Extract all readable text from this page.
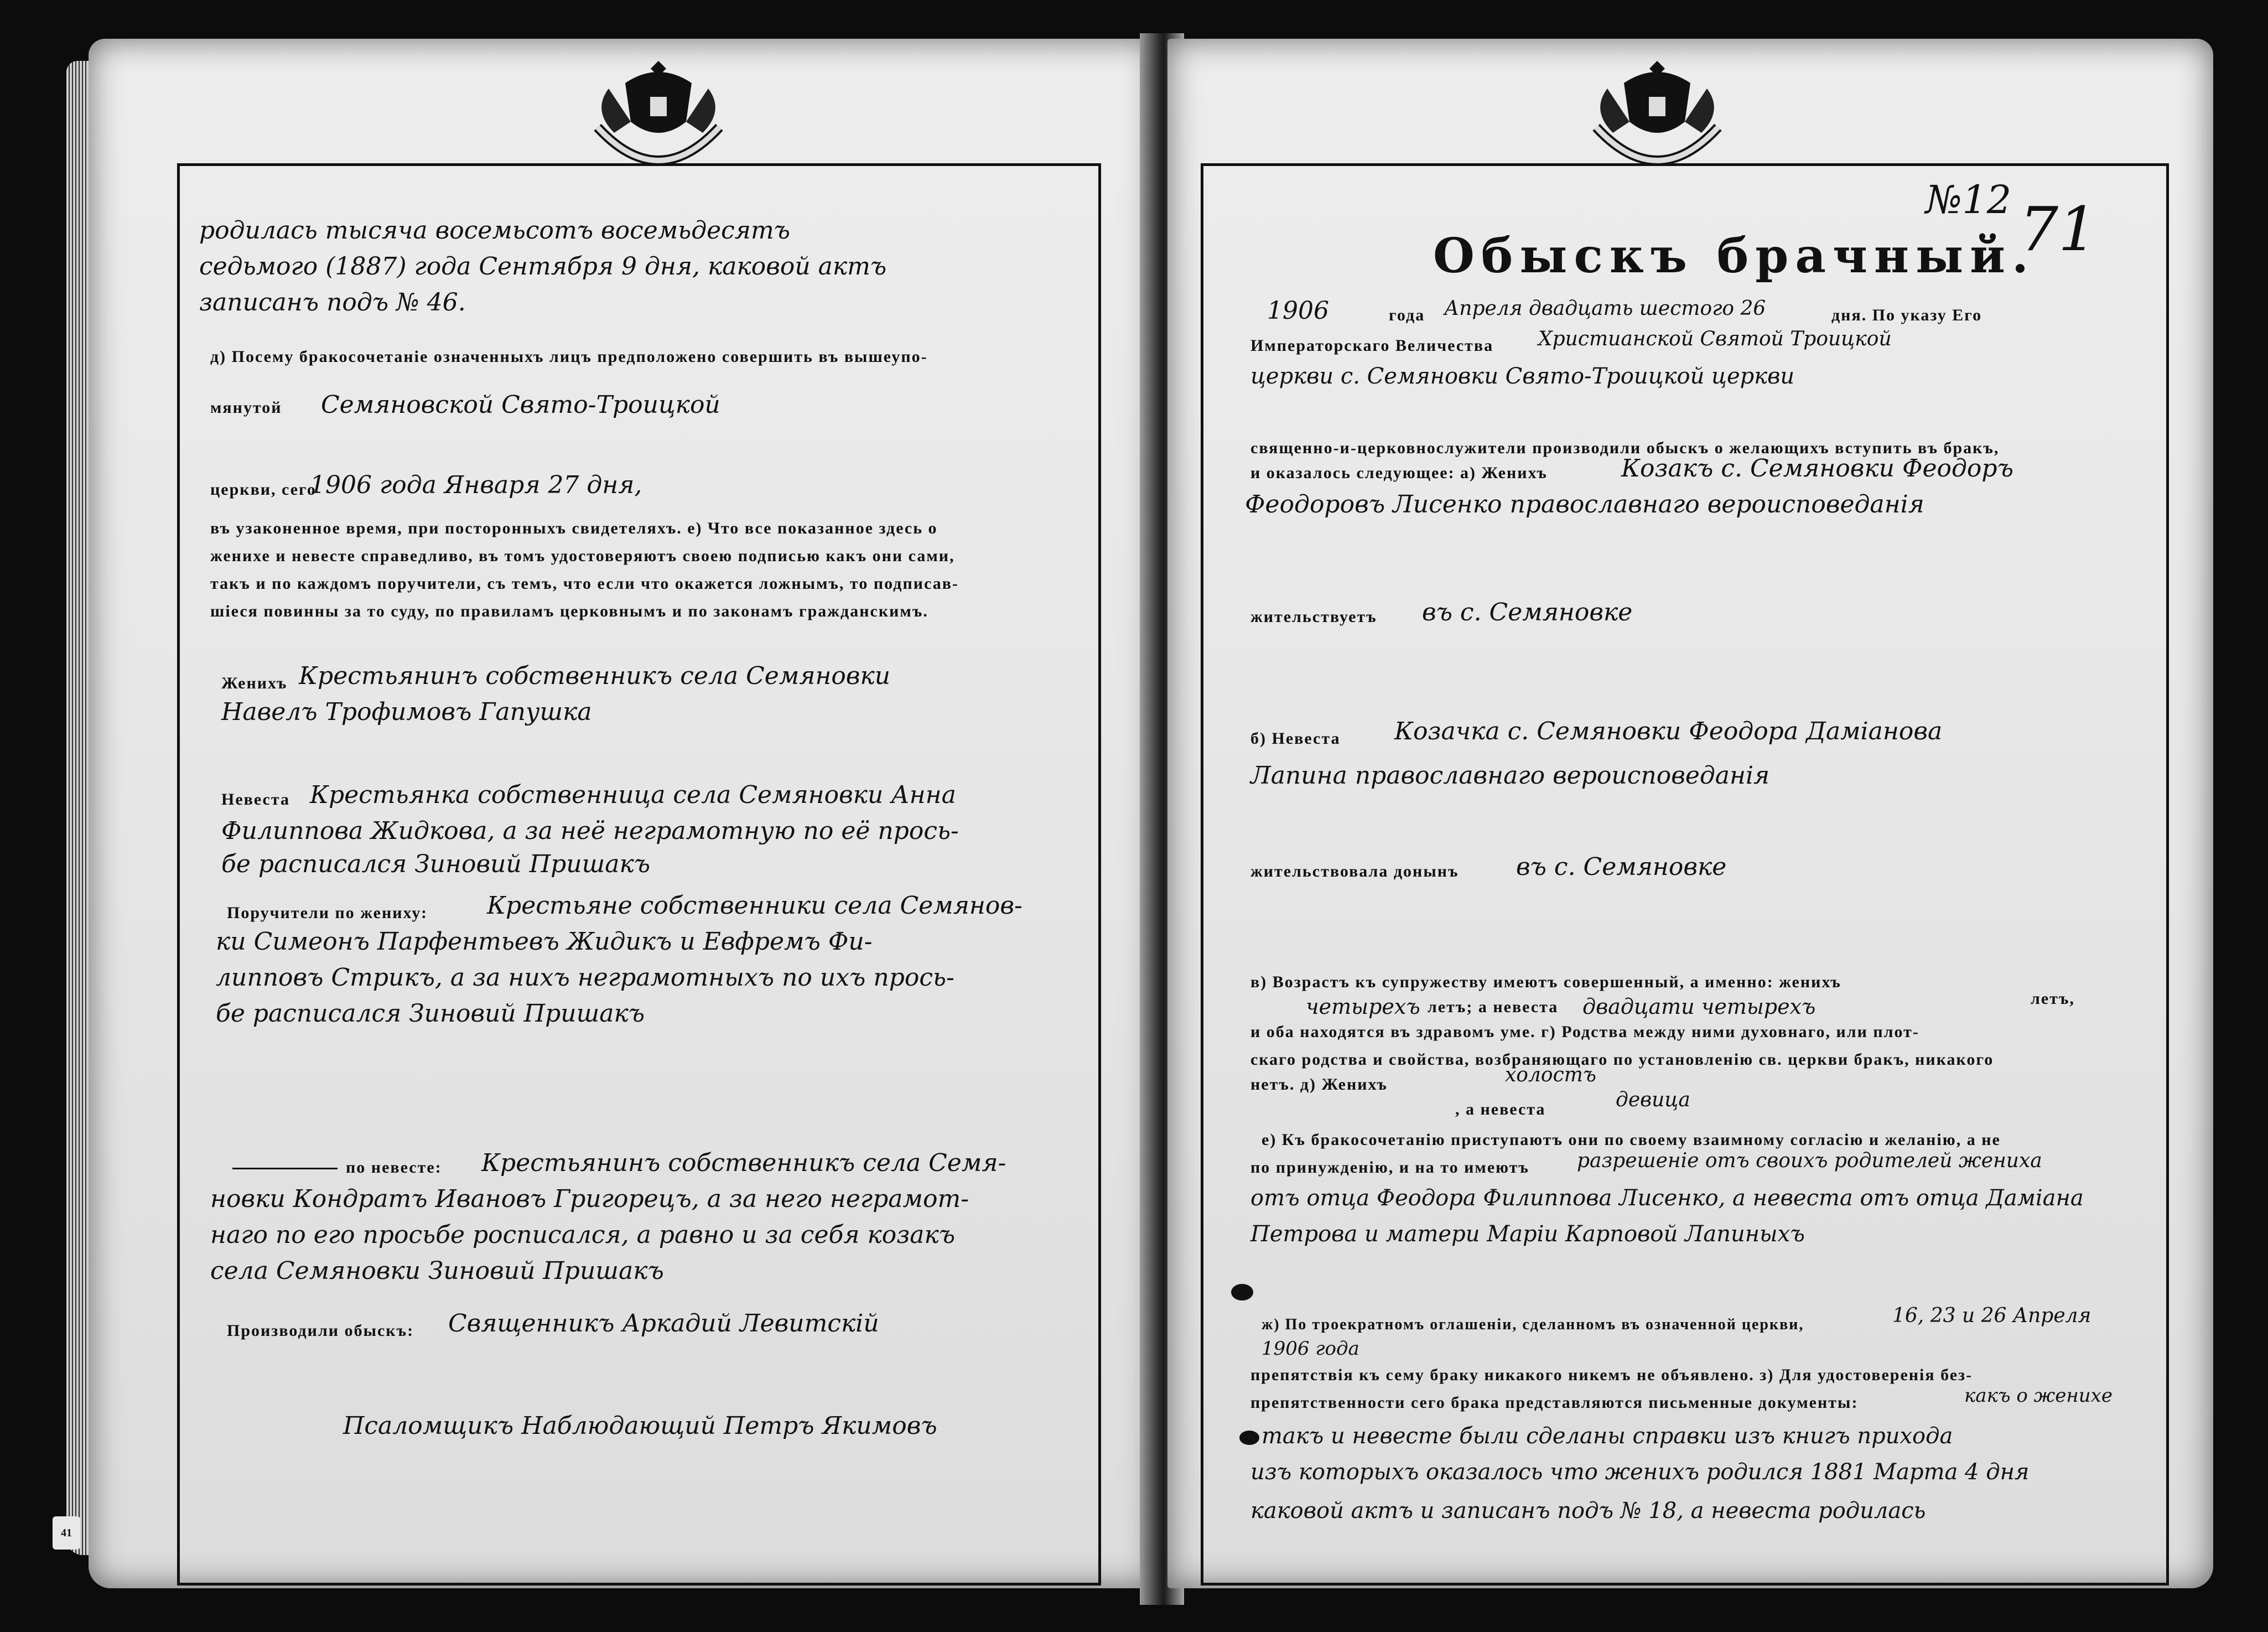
родилась тысяча восемьсотъ восемьдесятъ
седьмого (1887) года Сентября 9 дня, каковой актъ
записанъ подъ № 46.
д) Посему бракосочетанiе означенныхъ лицъ предположено совершить въ вышеупо-
мянутой Семяновской Свято-Троицкой
церкви, сего
1906 года Января 27 дня,
въ узаконенное время, при посторонныхъ свидетеляхъ. е) Что все показанное здесь о
женихе и невесте справедливо, въ томъ удостоверяютъ своею подписью какъ они сами,
такъ и по каждомъ поручители, съ темъ, что если что окажется ложнымъ, то подписав-
шiеся повинны за то суду, по правиламъ церковнымъ и по законамъ гражданскимъ.
Женихъ Крестьянинъ собственникъ села Семяновки
Навелъ Трофимовъ Гапушка
Невеста Крестьянка собственница села Семяновки Анна
Филиппова Жидкова, а за неё неграмотную по её прось-
бе расписался Зиновий Пришакъ
Поручители по жениху: Крестьяне собственники села Семянов-
ки Симеонъ Парфентьевъ Жидикъ и Евфремъ Фи-
липповъ Стрикъ, а за нихъ неграмотныхъ по ихъ прось-
бе расписался Зиновий Пришакъ
по невесте: Крестьянинъ собственникъ села Семя-
новки Кондратъ Ивановъ Григорецъ, а за него неграмот-
наго по его просьбе росписался, а равно и за себя козакъ
села Семяновки Зиновий Пришакъ
Производили обыскъ: Священникъ Аркадий Левитскiй
Псаломщикъ Наблюдающий Петръ Якимовъ
41
№12 71
Обыскъ брачный.
1906	года Апреля двадцать шестого 26	дня. По указу Его
Императорскаго Величества Христианской Святой Троицкой
церкви с. Семяновки Свято-Троицкой церкви
священно-и-церковнослужители производили обыскъ о желающихъ вступить въ бракъ,
и оказалось следующее: а) Женихъ	Козакъ с. Семяновки Феодоръ
Феодоровъ Лисенко православнаго вероисповеданiя
жительствуетъ въ с. Семяновке
б) Невеста Козачка с. Семяновки Феодора Дамiанова
Лапина православнаго вероисповеданiя
жительствовала донынъ въ с. Семяновке
в) Возрастъ къ супружеству имеютъ совершенный, а именно: женихъ
четырехъ летъ; а невеста двадцати четырехъ	летъ,
и оба находятся въ здравомъ уме. г) Родства между ними духовнаго, или плот-
скаго родства и свойства, возбраняющаго по установленiю св. церкви бракъ, никакого
нетъ. д) Женихъ	холостъ
, а невеста	девица
е) Къ бракосочетанiю приступаютъ они по своему взаимному согласiю и желанiю, а не
по принужденiю, и на то имеютъ разрешенiе отъ своихъ родителей жениха
отъ отца Феодора Филиппова Лисенко, а невеста отъ отца Дамiана
Петрова и матери Марiи Карповой Лапиныхъ
ж) По троекратномъ оглашенiи, сделанномъ въ означенной церкви,	16, 23 и 26 Апреля
1906 года
препятствiя къ сему браку никакого никемъ не объявлено. з) Для удостоверенiя без-
препятственности сего брака представляются письменные документы:	какъ о женихе
такъ и невесте были сделаны справки изъ книгъ прихода
изъ которыхъ оказалось что женихъ родился 1881 Марта 4 дня
каковой актъ и записанъ подъ № 18, а невеста родилась
